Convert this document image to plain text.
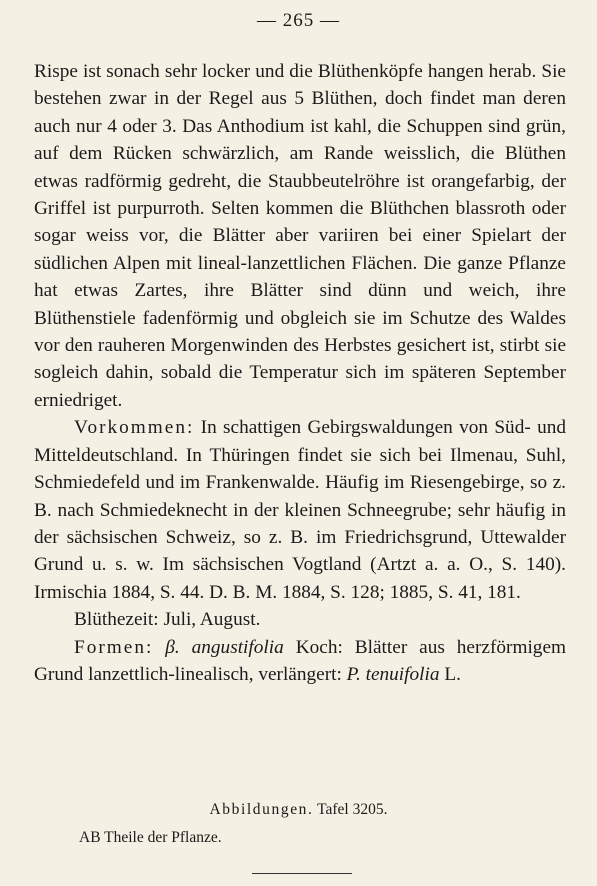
— 265 —

Rispe ist sonach sehr locker und die Blüthenköpfe hangen herab. Sie bestehen zwar in der Regel aus 5 Blüthen, doch findet man deren auch nur 4 oder 3. Das Anthodium ist kahl, die Schuppen sind grün, auf dem Rücken schwärzlich, am Rande weisslich, die Blüthen etwas radförmig gedreht, die Staubbeutelröhre ist orangefarbig, der Griffel ist purpurroth. Selten kommen die Blüthchen blassroth oder sogar weiss vor, die Blätter aber variiren bei einer Spielart der südlichen Alpen mit lineal-lanzettlichen Flächen. Die ganze Pflanze hat etwas Zartes, ihre Blätter sind dünn und weich, ihre Blüthenstiele fadenförmig und obgleich sie im Schutze des Waldes vor den rauheren Morgenwinden des Herbstes gesichert ist, stirbt sie sogleich dahin, sobald die Temperatur sich im späteren September erniedriget.

Vorkommen: In schattigen Gebirgswaldungen von Süd- und Mitteldeutschland. In Thüringen findet sie sich bei Ilmenau, Suhl, Schmiedefeld und im Frankenwalde. Häufig im Riesengebirge, so z. B. nach Schmiedeknecht in der kleinen Schneegrube; sehr häufig in der sächsischen Schweiz, so z. B. im Friedrichsgrund, Uttewalder Grund u. s. w. Im sächsischen Vogtland (Artzt a. a. O., S. 140). Irmischia 1884, S. 44. D. B. M. 1884, S. 128; 1885, S. 41, 181.

Blüthezeit: Juli, August.

Formen: β. angustifolia Koch: Blätter aus herzförmigem Grund lanzettlich-linealisch, verlängert: P. tenuifolia L.

Abbildungen. Tafel 3205.
AB Theile der Pflanze.
